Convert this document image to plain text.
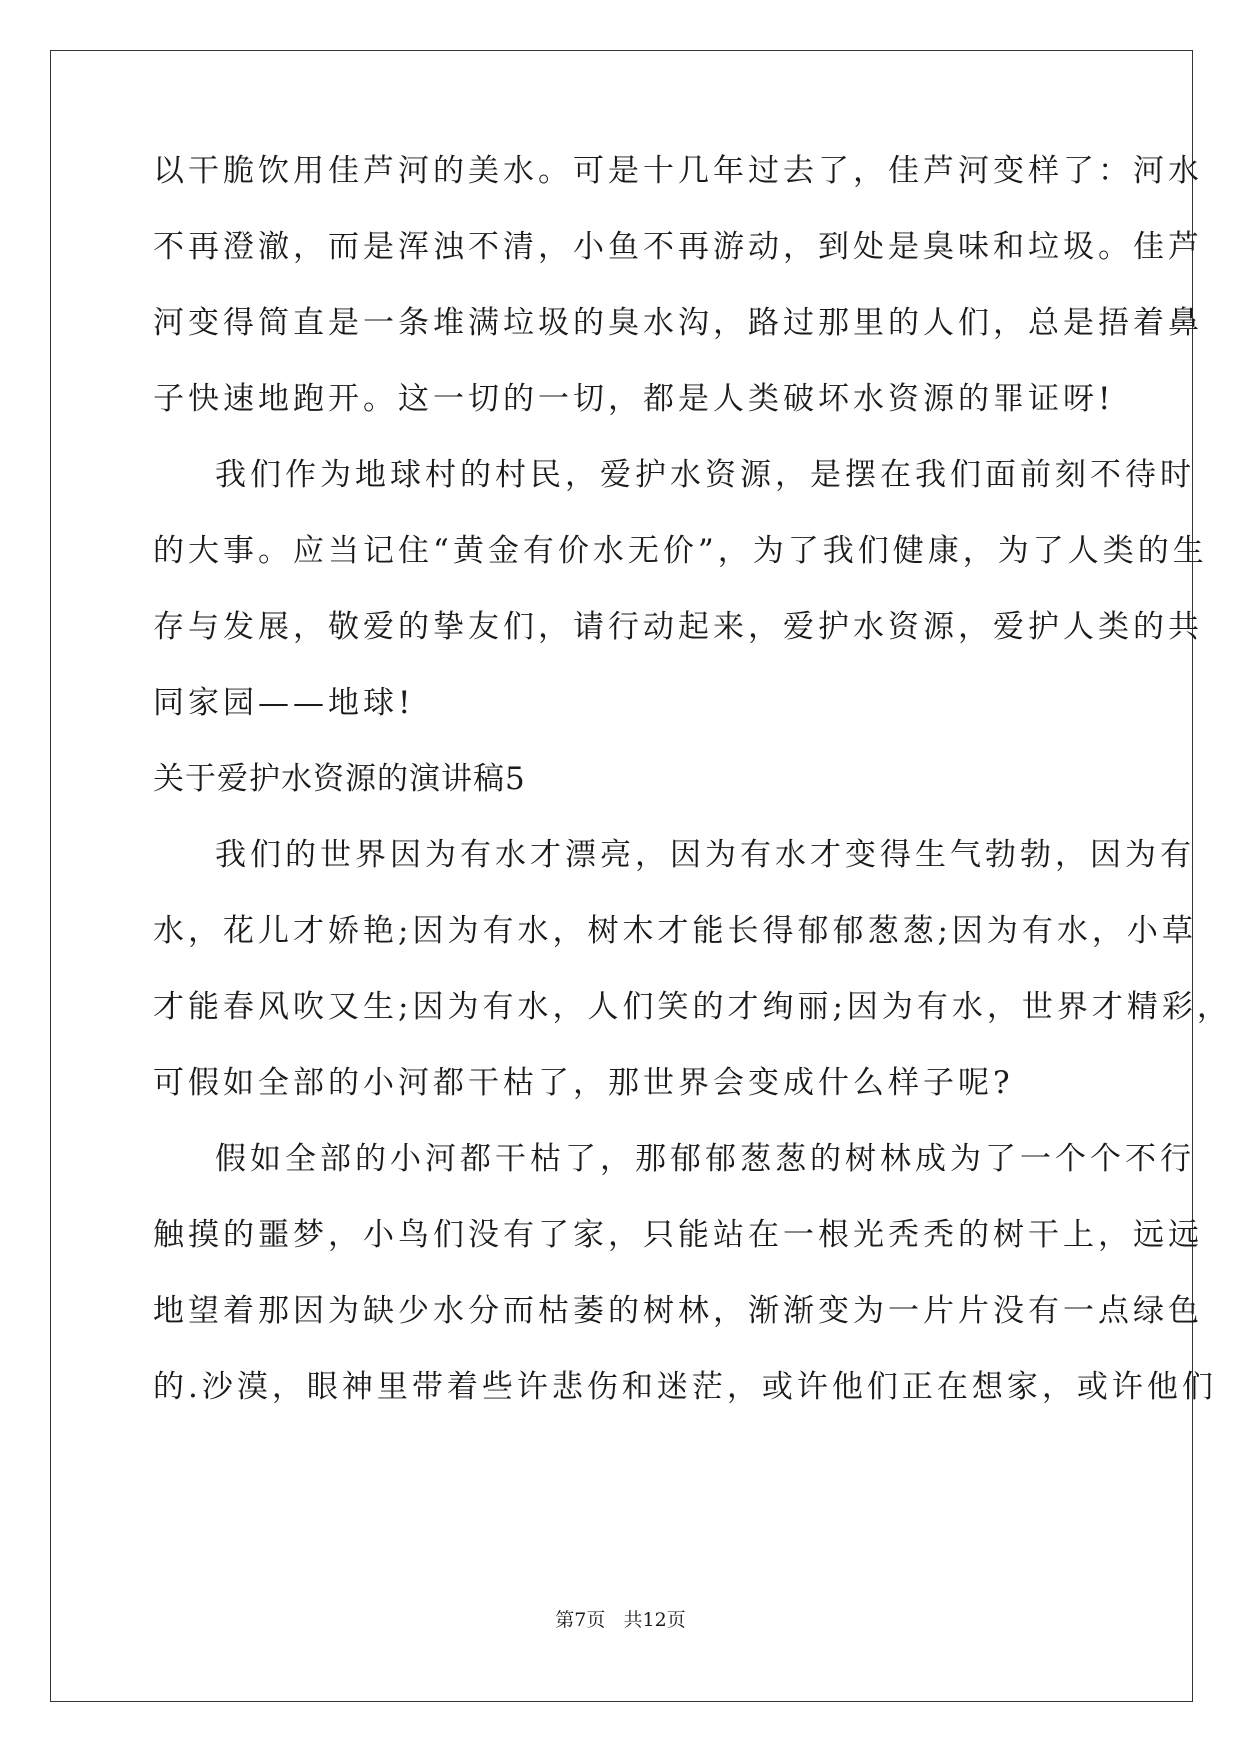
以干脆饮用佳芦河的美水。可是十几年过去了，佳芦河变样了：河水
不再澄澈，而是浑浊不清，小鱼不再游动，到处是臭味和垃圾。佳芦
河变得简直是一条堆满垃圾的臭水沟，路过那里的人们，总是捂着鼻
子快速地跑开。这一切的一切，都是人类破坏水资源的罪证呀!
我们作为地球村的村民，爱护水资源，是摆在我们面前刻不待时
的大事。应当记住“黄金有价水无价”，为了我们健康，为了人类的生
存与发展，敬爱的挚友们，请行动起来，爱护水资源，爱护人类的共
同家园——地球!
关于爱护水资源的演讲稿5
我们的世界因为有水才漂亮，因为有水才变得生气勃勃，因为有
水，花儿才娇艳;因为有水，树木才能长得郁郁葱葱;因为有水，小草
才能春风吹又生;因为有水，人们笑的才绚丽;因为有水，世界才精彩，
可假如全部的小河都干枯了，那世界会变成什么样子呢?
假如全部的小河都干枯了，那郁郁葱葱的树林成为了一个个不行
触摸的噩梦，小鸟们没有了家，只能站在一根光秃秃的树干上，远远
地望着那因为缺少水分而枯萎的树林，渐渐变为一片片没有一点绿色
的.沙漠，眼神里带着些许悲伤和迷茫，或许他们正在想家，或许他们
第7页 共12页
